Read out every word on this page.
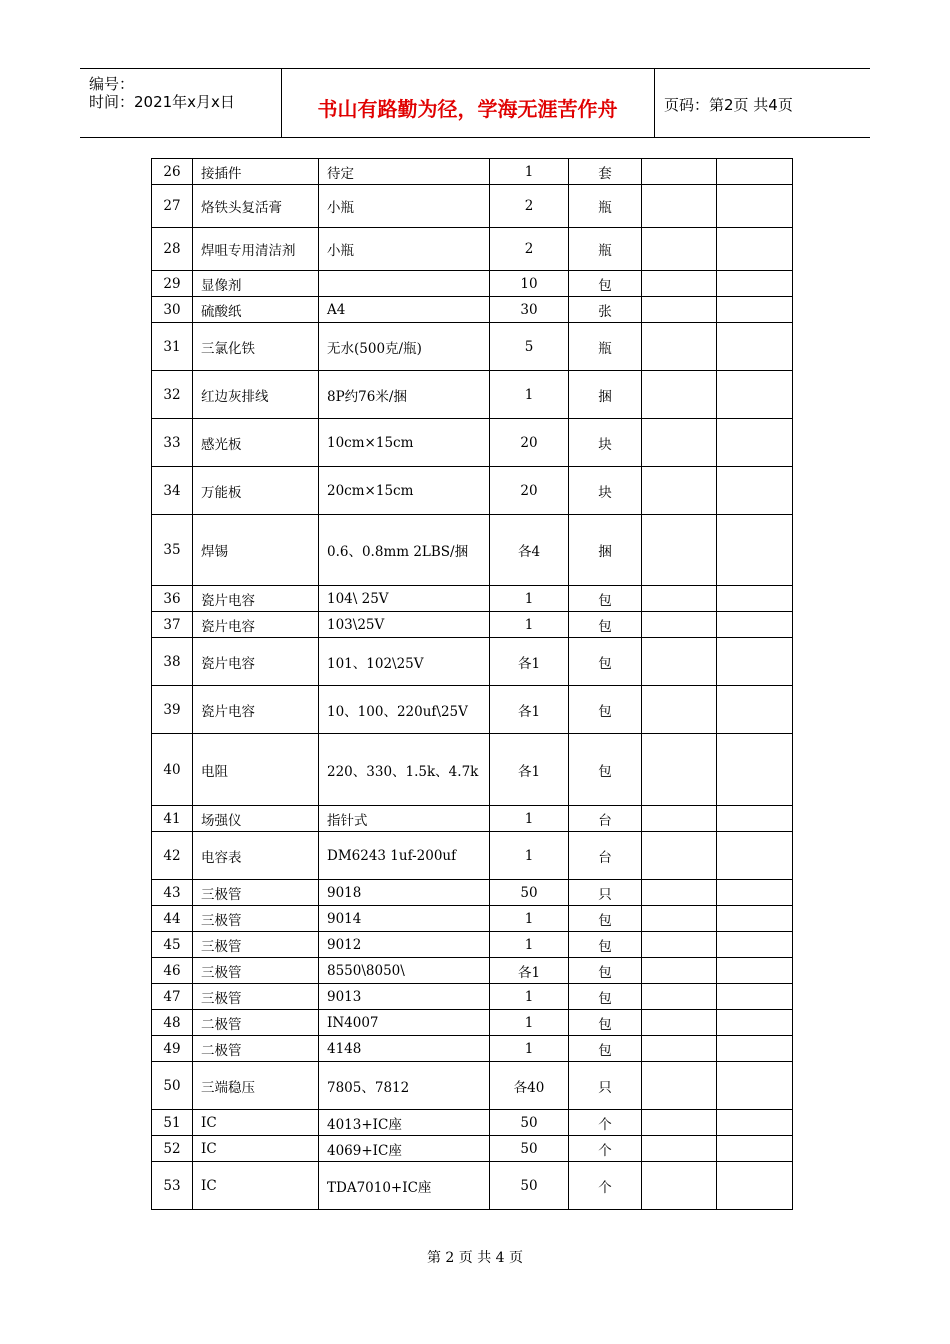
编号：
时间：2021年x月x日	书山有路勤为径，学海无涯苦作舟	页码：第2页 共4页
26	接插件	待定	1	套		
27	烙铁头复活膏	小瓶	2	瓶		
28	焊咀专用清洁剂	小瓶	2	瓶		
29	显像剂		10	包		
30	硫酸纸	A4	30	张		
31	三氯化铁	无水(500克/瓶)	5	瓶		
32	红边灰排线	8P约76米/捆	1	捆		
33	感光板	10cm×15cm	20	块		
34	万能板	20cm×15cm	20	块		
35	焊锡	0.6、0.8mm 2LBS/捆	各4	捆		
36	瓷片电容	104\ 25V	1	包		
37	瓷片电容	103\25V	1	包		
38	瓷片电容	101、102\25V	各1	包		
39	瓷片电容	10、100、220uf\25V	各1	包		
40	电阻	220、330、1.5k、4.7k	各1	包		
41	场强仪	指针式	1	台		
42	电容表	DM6243 1uf-200uf	1	台		
43	三极管	9018	50	只		
44	三极管	9014	1	包		
45	三极管	9012	1	包		
46	三极管	8550\8050\	各1	包		
47	三极管	9013	1	包		
48	二极管	IN4007	1	包		
49	二极管	4148	1	包		
50	三端稳压	7805、7812	各40	只		
51	IC	4013+IC座	50	个		
52	IC	4069+IC座	50	个		
53	IC	TDA7010+IC座	50	个		
第 2 页 共 4 页
